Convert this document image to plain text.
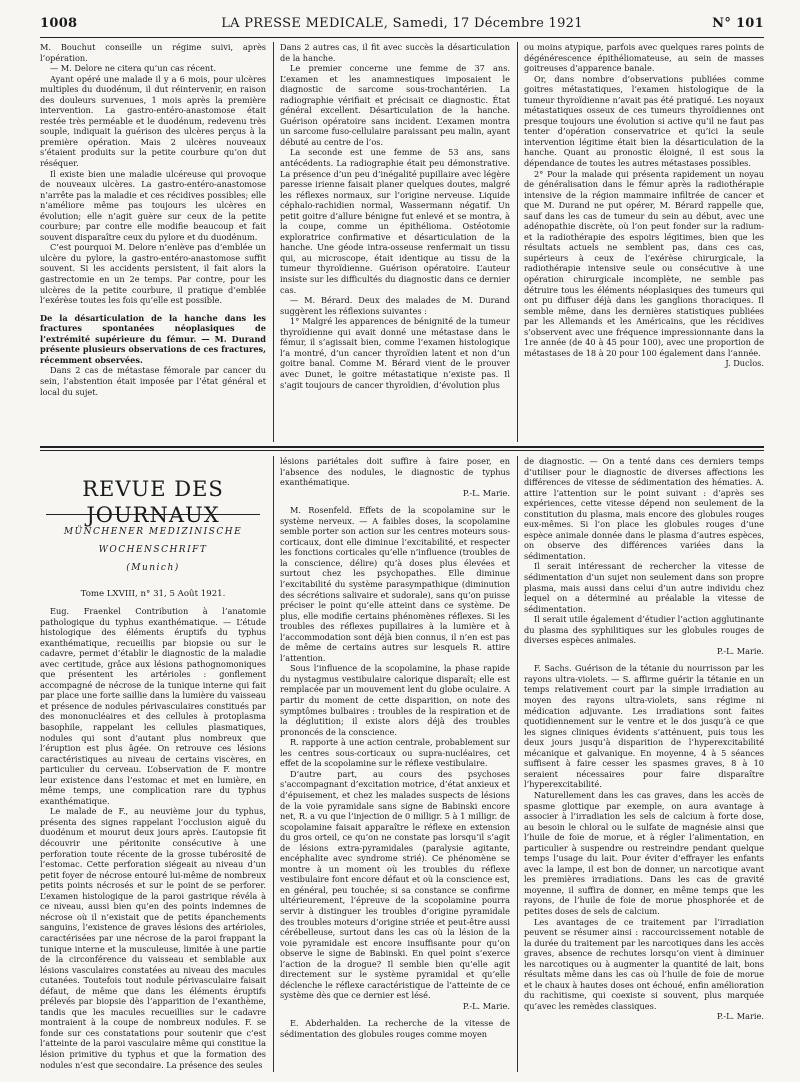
1008	LA PRESSE MEDICALE, Samedi, 17 Décembre 1921	N° 101

M. Bouchut conseille un régime suivi, après l’opération.

— M. Delore ne citera qu’un cas récent.

Ayant opéré une malade il y a 6 mois, pour ulcères multiples du duodénum, il dut réintervenir, en raison des douleurs survenues, 1 mois après la première intervention. La gastro-entéro-anastomose était restée très perméable et le duodénum, redevenu très souple, indiquait la guérison des ulcères perçus à la première opération. Mais 2 ulcères nouveaux s’étaient produits sur la petite courbure qu’on dut réséquer.

Il existe bien une maladie ulcéreuse qui provoque de nouveaux ulcères. La gastro-entéro-anastomose n’arrête pas la maladie et ces récidives possibles; elle n’améliore même pas toujours les ulcères en évolution; elle n’agit guère sur ceux de la petite courbure; par contre elle modifie beaucoup et fait souvent disparaître ceux du pylore et du duodénum.

C’est pourquoi M. Delore n’enlève pas d’emblée un ulcère du pylore, la gastro-entéro-anastomose suffit souvent. Si les accidents persistent, il fait alors la gastrectomie en un 2e temps. Par contre, pour les ulcères de la petite courbure, il pratique d’emblée l’exérèse toutes les fois qu’elle est possible.

De la désarticulation de la hanche dans les fractures spontanées néoplasiques de l’extrémité supérieure du fémur. — M. Durand présente plusieurs observations de ces fractures, récemment observées.

Dans 2 cas de métastase fémorale par cancer du sein, l’abstention était imposée par l’état général et local du sujet.

Dans 2 autres cas, il fit avec succès la désarticulation de la hanche.

Le premier concerne une femme de 37 ans. L’examen et les anamnestiques imposaient le diagnostic de sarcome sous-trochantérien. La radiographie vérifiait et précisait ce diagnostic. État général excellent. Désarticulation de la hanche. Guérison opératoire sans incident. L’examen montra un sarcome fuso-cellulaire paraissant peu malin, ayant débuté au centre de l’os.

La seconde est une femme de 53 ans, sans antécédents. La radiographie était peu démonstrative. La présence d’un peu d’inégalité pupillaire avec légère paresse irienne faisait planer quelques doutes, malgré les réflexes normaux, sur l’origine nerveuse. Liquide céphalo-rachidien normal, Wassermann négatif. Un petit goitre d’allure bénigne fut enlevé et se montra, à la coupe, comme un épithélioma. Ostéotomie exploratrice confirmative et désarticulation de la hanche. Une géode intra-osseuse renfermait un tissu qui, au microscope, était identique au tissu de la tumeur thyroïdienne. Guérison opératoire. L’auteur insiste sur les difficultés du diagnostic dans ce dernier cas.

— M. Bérard. Deux des malades de M. Durand suggèrent les réflexions suivantes :

1° Malgré les apparences de bénignité de la tumeur thyroïdienne qui avait donné une métastase dans le fémur, il s’agissait bien, comme l’examen histologique l’a montré, d’un cancer thyroïdien latent et non d’un goitre banal. Comme M. Bérard vient de le prouver avec Dunet, le goitre métastatique n’existe pas. Il s’agit toujours de cancer thyroïdien, d’évolution plus

ou moins atypique, parfois avec quelques rares points de dégénérescence épithéliomateuse, au sein de masses goitreuses d’apparence banale.

Or, dans nombre d’observations publiées comme goitres métastatiques, l’examen histologique de la tumeur thyroïdienne n’avait pas été pratiqué. Les noyaux métastatiques osseux de ces tumeurs thyroïdiennes ont presque toujours une évolution si active qu’il ne faut pas tenter d’opération conservatrice et qu’ici la seule intervention légitime était bien la désarticulation de la hanche. Quant au pronostic éloigné, il est sous la dépendance de toutes les autres métastases possibles.

2° Pour la malade qui présenta rapidement un noyau de généralisation dans le fémur après la radiothérapie intensive de la région mammaire infiltrée de cancer et que M. Durand ne put opérer, M. Bérard rappelle que, sauf dans les cas de tumeur du sein au début, avec une adénopathie discrète, où l’on peut fonder sur la radium- et la radiothérapie des espoirs légitimes, bien que les résultats actuels ne semblent pas, dans ces cas, supérieurs à ceux de l’exérèse chirurgicale, la radiothérapie intensive seule ou consécutive à une opération chirurgicale incomplète, ne semble pas détruire tous les éléments néoplasiques des tumeurs qui ont pu diffuser déjà dans les ganglions thoraciques. Il semble même, dans les dernières statistiques publiées par les Allemands et les Américains, que les récidives s’observent avec une fréquence impressionnante dans la 1re année (de 40 à 45 pour 100), avec une proportion de métastases de 18 à 20 pour 100 également dans l’année.

J. Duclos.

REVUE DES JOURNAUX
MÜNCHENER MEDIZINISCHE
WOCHENSCHRIFT
(Munich)
Tome LXVIII, n° 31, 5 Août 1921.

Eug. Fraenkel Contribution à l’anatomie pathologique du typhus exanthématique. — L’étude histologique des éléments éruptifs du typhus exanthématique, recueillis par biopsie ou sur le cadavre, permet d’établir le diagnostic de la maladie avec certitude, grâce aux lésions pathognomoniques que présentent les artérioles : gonflement accompagné de nécrose de la tunique interne qui fait par place une forte saillie dans la lumière du vaisseau et présence de nodules périvasculaires constitués par des mononucléaires et des cellules à protoplasma basophile, rappelant les cellules plasmatiques, nodules qui sont d’autant plus nombreux que l’éruption est plus âgée. On retrouve ces lésions caractéristiques au niveau de certains viscères, en particulier du cerveau. L’observation de F. montre leur existence dans l’estomac et met en lumière, en même temps, une complication rare du typhus exanthématique.

Le malade de F., au neuvième jour du typhus, présenta des signes rappelant l’occlusion aiguë du duodénum et mourut deux jours après. L’autopsie fit découvrir une péritonite consécutive à une perforation toute récente de la grosse tubérosité de l’estomac. Cette perforation siégeait au niveau d’un petit foyer de nécrose entouré lui-même de nombreux petits points nécrosés et sur le point de se perforer. L’examen histologique de la paroi gastrique révéla à ce niveau, aussi bien qu’en des points indemnes de nécrose où il n’existait que de petits épanchements sanguins, l’existence de graves lésions des artérioles, caractérisées par une nécrose de la paroi frappant la tunique interne et la musculeuse, limitée à une partie de la circonférence du vaisseau et semblable aux lésions vasculaires constatées au niveau des macules cutanées. Toutefois tout nodule périvasculaire faisait défaut, de même que dans les éléments éruptifs prélevés par biopsie dès l’apparition de l’exanthème, tandis que les macules recueillies sur le cadavre montraient à la coupe de nombreux nodules. F. se fonde sur ces constatations pour soutenir que c’est l’atteinte de la paroi vasculaire même qui constitue la lésion primitive du typhus et que la formation des nodules n’est que secondaire. La présence des seules

lésions pariétales doit suffire à faire poser, en l’absence des nodules, le diagnostic de typhus exanthématique.

P.-L. Marie.

M. Rosenfeld. Effets de la scopolamine sur le système nerveux. — A faibles doses, la scopolamine semble porter son action sur les centres moteurs sous-corticaux, dont elle diminue l’excitabilité, et respecter les fonctions corticales qu’elle n’influence (troubles de la conscience, délire) qu’à doses plus élevées et surtout chez les psychopathes. Elle diminue l’excitabilité du système parasympathique (diminution des sécrétions salivaire et sudorale), sans qu’on puisse préciser le point qu’elle atteint dans ce système. De plus, elle modifie certains phénomènes réflexes. Si les troubles des réflexes pupillaires à la lumière et à l’accommodation sont déjà bien connus, il n’en est pas de même de certains autres sur lesquels R. attire l’attention.

Sous l’influence de la scopolamine, la phase rapide du nystagmus vestibulaire calorique disparaît; elle est remplacée par un mouvement lent du globe oculaire. A partir du moment de cette disparition, on note des symptômes bulbaires : troubles de la respiration et de la déglutition; il existe alors déjà des troubles prononcés de la conscience.

R. rapporte à une action centrale, probablement sur les centres sous-corticaux ou supra-nucléaires, cet effet de la scopolamine sur le réflexe vestibulaire.

D’autre part, au cours des psychoses s’accompagnant d’excitation motrice, d’état anxieux et d’épuisement, et chez les malades suspects de lésions de la voie pyramidale sans signe de Babinski encore net, R. a vu que l’injection de 0 milligr. 5 à 1 milligr. de scopolamine faisait apparaître le réflexe en extension du gros orteil, ce qu’on ne constate pas lorsqu’il s’agit de lésions extra-pyramidales (paralysie agitante, encéphalite avec syndrome strié). Ce phénomène se montre à un moment où les troubles du réflexe vestibulaire font encore défaut et où la conscience est, en général, peu touchée; si sa constance se confirme ultérieurement, l’épreuve de la scopolamine pourra servir à distinguer les troubles d’origine pyramidale des troubles moteurs d’origine striée et peut-être aussi cérébelleuse, surtout dans les cas où la lésion de la voie pyramidale est encore insuffisante pour qu’on observe le signe de Babinski. En quel point s’exerce l’action de la drogue? Il semble bien qu’elle agit directement sur le système pyramidal et qu’elle déclenche le réflexe caractéristique de l’atteinte de ce système dès que ce dernier est lésé.

P.-L. Marie.

E. Abderhalden. La recherche de la vitesse de sédimentation des globules rouges comme moyen

de diagnostic. — On a tenté dans ces derniers temps d’utiliser pour le diagnostic de diverses affections les différences de vitesse de sédimentation des hématies. A. attire l’attention sur le point suivant : d’après ses expériences, cette vitesse dépend non seulement de la constitution du plasma, mais encore des globules rouges eux-mêmes. Si l’on place les globules rouges d’une espèce animale donnée dans le plasma d’autres espèces, on observe des différences variées dans la sédimentation.

Il serait intéressant de rechercher la vitesse de sédimentation d’un sujet non seulement dans son propre plasma, mais aussi dans celui d’un autre individu chez lequel on a déterminé au préalable la vitesse de sédimentation.

Il serait utile également d’étudier l’action agglutinante du plasma des syphilitiques sur les globules rouges de diverses espèces animales.

P.-L. Marie.

F. Sachs. Guérison de la tétanie du nourrisson par les rayons ultra-violets. — S. affirme guérir la tétanie en un temps relativement court par la simple irradiation au moyen des rayons ultra-violets, sans régime ni médication adjuvante. Les irradiations sont faites quotidiennement sur le ventre et le dos jusqu’à ce que les signes cliniques évidents s’atténuent, puis tous les deux jours jusqu’à disparition de l’hyperexcitabilité mécanique et galvanique. En moyenne, 4 à 5 séances suffisent à faire cesser les spasmes graves, 8 à 10 seraient nécessaires pour faire disparaître l’hyperexcitabilité.

Naturellement dans les cas graves, dans les accès de spasme glottique par exemple, on aura avantage à associer à l’irradiation les sels de calcium à forte dose, au besoin le chloral ou le sulfate de magnésie ainsi que l’huile de foie de morue, et à régler l’alimentation, en particulier à suspendre ou restreindre pendant quelque temps l’usage du lait. Pour éviter d’effrayer les enfants avec la lampe, il est bon de donner, un narcotique avant les premières irradiations. Dans les cas de gravité moyenne, il suffira de donner, en même temps que les rayons, de l’huile de foie de morue phosphorée et de petites doses de sels de calcium.

Les avantages de ce traitement par l’irradiation peuvent se résumer ainsi : raccourcissement notable de la durée du traitement par les narcotiques dans les accès graves, absence de rechutes lorsqu’on vient à diminuer les narcotiques ou à augmenter la quantité de lait, bons résultats même dans les cas où l’huile de foie de morue et le chaux à hautes doses ont échoué, enfin amélioration du rachitisme, qui coexiste si souvent, plus marquée qu’avec les remèdes classiques.

P.-L. Marie.
